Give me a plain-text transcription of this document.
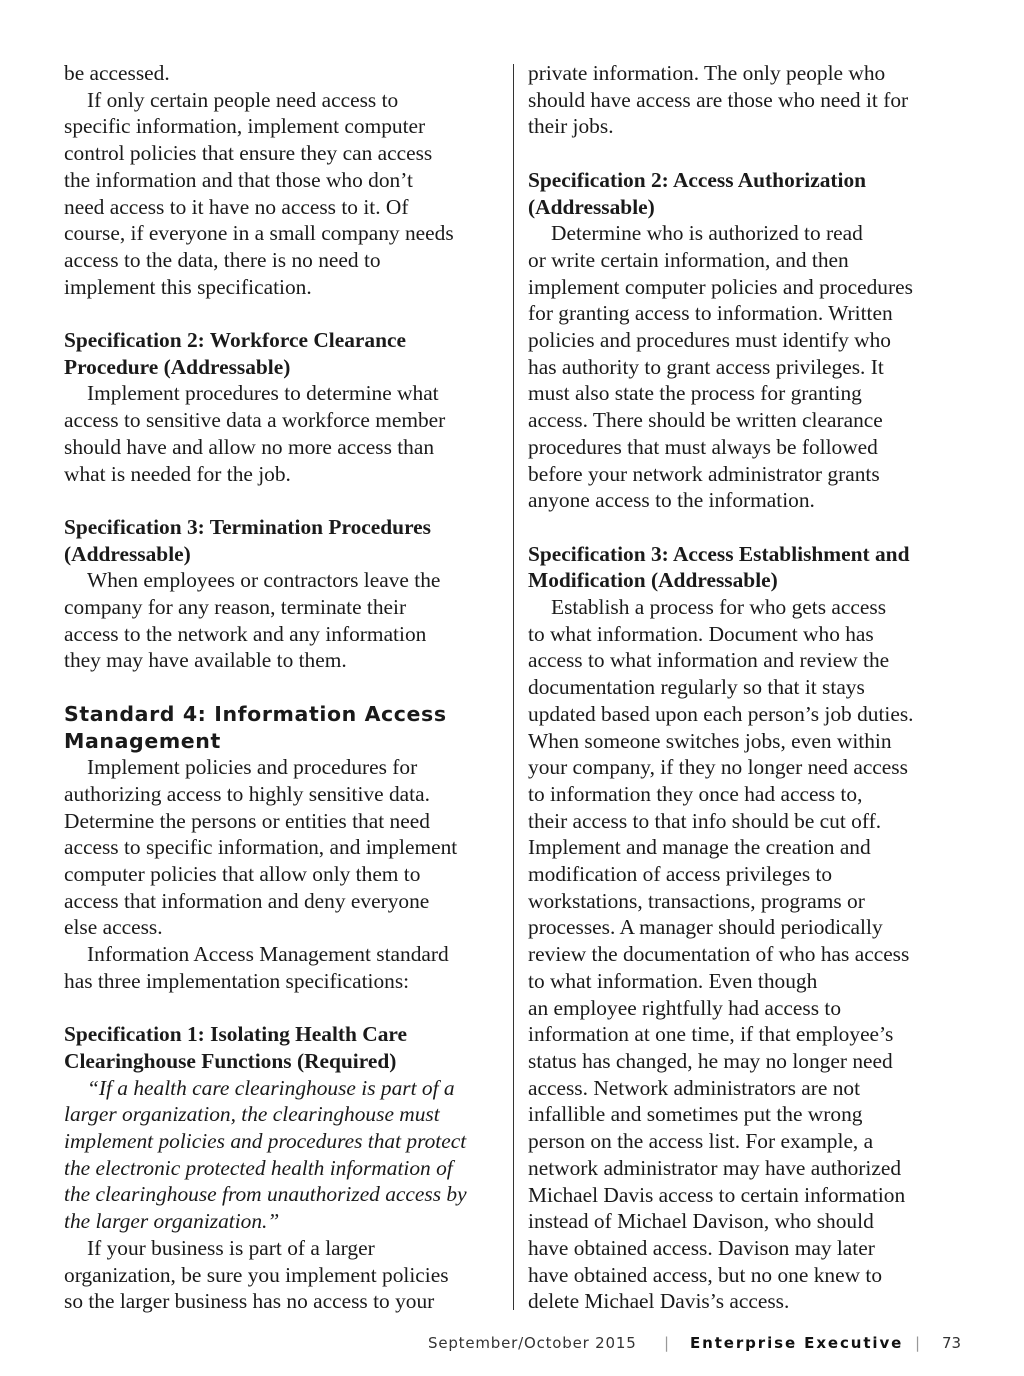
be accessed.
If only certain people need access to
specific information, implement computer
control policies that ensure they can access
the information and that those who don’t
need access to it have no access to it. Of
course, if everyone in a small company needs
access to the data, there is no need to
implement this specification.
Specification 2: Workforce Clearance
Procedure (Addressable)
Implement procedures to determine what
access to sensitive data a workforce member
should have and allow no more access than
what is needed for the job.
Specification 3: Termination Procedures
(Addressable)
When employees or contractors leave the
company for any reason, terminate their
access to the network and any information
they may have available to them.
Standard 4: Information Access
Management
Implement policies and procedures for
authorizing access to highly sensitive data.
Determine the persons or entities that need
access to specific information, and implement
computer policies that allow only them to
access that information and deny everyone
else access.
Information Access Management standard
has three implementation specifications:
Specification 1: Isolating Health Care
Clearinghouse Functions (Required)
“If a health care clearinghouse is part of a
larger organization, the clearinghouse must
implement policies and procedures that protect
the electronic protected health information of
the clearinghouse from unauthorized access by
the larger organization.”
If your business is part of a larger
organization, be sure you implement policies
so the larger business has no access to your
private information. The only people who
should have access are those who need it for
their jobs.
Specification 2: Access Authorization
(Addressable)
Determine who is authorized to read
or write certain information, and then
implement computer policies and procedures
for granting access to information. Written
policies and procedures must identify who
has authority to grant access privileges. It
must also state the process for granting
access. There should be written clearance
procedures that must always be followed
before your network administrator grants
anyone access to the information.
Specification 3: Access Establishment and
Modification (Addressable)
Establish a process for who gets access
to what information. Document who has
access to what information and review the
documentation regularly so that it stays
updated based upon each person’s job duties.
When someone switches jobs, even within
your company, if they no longer need access
to information they once had access to,
their access to that info should be cut off.
Implement and manage the creation and
modification of access privileges to
workstations, transactions, programs or
processes. A manager should periodically
review the documentation of who has access
to what information. Even though
an employee rightfully had access to
information at one time, if that employee’s
status has changed, he may no longer need
access. Network administrators are not
infallible and sometimes put the wrong
person on the access list. For example, a
network administrator may have authorized
Michael Davis access to certain information
instead of Michael Davison, who should
have obtained access. Davison may later
have obtained access, but no one knew to
delete Michael Davis’s access.
September/October 2015 | Enterprise Executive | 73
